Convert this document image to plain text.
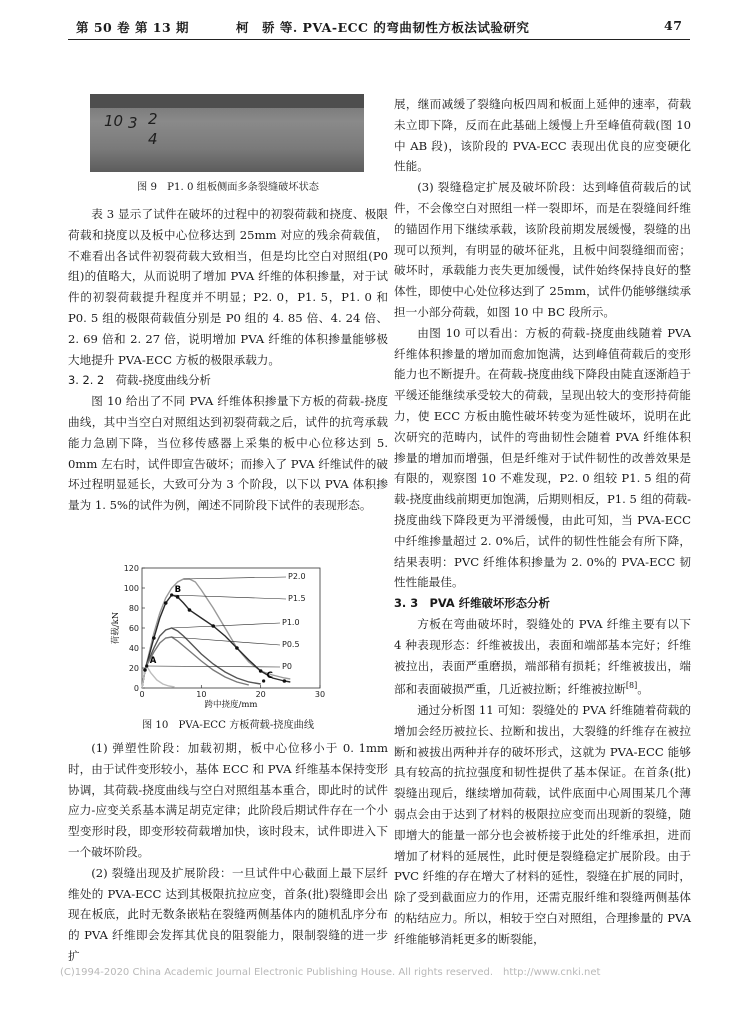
第 50 卷 第 13 期	柯　骄 等. PVA-ECC 的弯曲韧性方板法试验研究	47
10 3 2
4
图 9　P1. 0 组板侧面多条裂缝破坏状态

表 3 显示了试件在破坏的过程中的初裂荷载和挠度、极限荷载和挠度以及板中心位移达到 25mm 对应的残余荷载值，不难看出各试件初裂荷载大致相当，但是均比空白对照组(P0 组)的值略大，从而说明了增加 PVA 纤维的体积掺量，对于试件的初裂荷载提升程度并不明显；P2. 0，P1. 5，P1. 0 和 P0. 5 组的极限荷载值分别是 P0 组的 4. 85 倍、4. 24 倍、2. 69 倍和 2. 27 倍，说明增加 PVA 纤维的体积掺量能够极大地提升 PVA-ECC 方板的极限承载力。

3. 2. 2　荷载-挠度曲线分析

图 10 给出了不同 PVA 纤维体积掺量下方板的荷载-挠度曲线，其中当空白对照组达到初裂荷载之后，试件的抗弯承载能力急剧下降，当位移传感器上采集的板中心位移达到 5. 0mm 左右时，试件即宣告破坏；而掺入了 PVA 纤维试件的破坏过程明显延长，大致可分为 3 个阶段，以下以 PVA 体积掺量为 1. 5%的试件为例，阐述不同阶段下试件的表现形态。

0
20
40
60
80
100
120
0	10	20	30
跨中挠度/mm
荷载/kN
P2.0
P1.5
P1.0
P0.5
P0
A
B
C
图 10　PVA-ECC 方板荷载-挠度曲线

(1) 弹塑性阶段：加载初期，板中心位移小于 0. 1mm 时，由于试件变形较小，基体 ECC 和 PVA 纤维基本保持变形协调，其荷载-挠度曲线与空白对照组基本重合，即此时的试件应力-应变关系基本满足胡克定律；此阶段后期试件存在一个小型变形时段，即变形较荷载增加快，该时段末，试件即进入下一个破坏阶段。

(2) 裂缝出现及扩展阶段：一旦试件中心截面上最下层纤维处的 PVA-ECC 达到其极限抗拉应变，首条(批)裂缝即会出现在板底，此时无数条嵌粘在裂缝两侧基体内的随机乱序分布的 PVA 纤维即会发挥其优良的阻裂能力，限制裂缝的进一步扩

展，继而减缓了裂缝向板四周和板面上延伸的速率，荷载未立即下降，反而在此基础上缓慢上升至峰值荷载(图 10 中 AB 段)，该阶段的 PVA-ECC 表现出优良的应变硬化性能。

(3) 裂缝稳定扩展及破坏阶段：达到峰值荷载后的试件，不会像空白对照组一样一裂即坏，而是在裂缝间纤维的锚固作用下继续承载，该阶段前期发展缓慢，裂缝的出现可以预判，有明显的破坏征兆，且板中间裂缝细而密；破坏时，承载能力丧失更加缓慢，试件始终保持良好的整体性，即使中心处位移达到了 25mm，试件仍能够继续承担一小部分荷载，如图 10 中 BC 段所示。

由图 10 可以看出：方板的荷载-挠度曲线随着 PVA 纤维体积掺量的增加而愈加饱满，达到峰值荷载后的变形能力也不断提升。在荷载-挠度曲线下降段由陡直逐渐趋于平缓还能继续承受较大的荷载，呈现出较大的变形持荷能力，使 ECC 方板由脆性破坏转变为延性破坏，说明在此次研究的范畴内，试件的弯曲韧性会随着 PVA 纤维体积掺量的增加而增强，但是纤维对于试件韧性的改善效果是有限的，观察图 10 不难发现，P2. 0 组较 P1. 5 组的荷载-挠度曲线前期更加饱满，后期则相反，P1. 5 组的荷载-挠度曲线下降段更为平滑缓慢，由此可知，当 PVA-ECC 中纤维掺量超过 2. 0%后，试件的韧性性能会有所下降，结果表明：PVC 纤维体积掺量为 2. 0%的 PVA-ECC 韧性性能最佳。

3. 3　PVA 纤维破坏形态分析

方板在弯曲破坏时，裂缝处的 PVA 纤维主要有以下 4 种表现形态：纤维被拔出，表面和端部基本完好；纤维被拉出，表面严重磨损，端部稍有损耗；纤维被拔出，端部和表面破损严重，几近被拉断；纤维被拉断[8]。

通过分析图 11 可知：裂缝处的 PVA 纤维随着荷载的增加会经历被拉长、拉断和拔出，大裂缝的纤维存在被拉断和被拔出两种并存的破坏形式，这就为 PVA-ECC 能够具有较高的抗拉强度和韧性提供了基本保证。在首条(批)裂缝出现后，继续增加荷载，试件底面中心周围某几个薄弱点会由于达到了材料的极限拉应变而出现新的裂缝，随即增大的能量一部分也会被桥接于此处的纤维承担，进而增加了材料的延展性，此时便是裂缝稳定扩展阶段。由于 PVC 纤维的存在增大了材料的延性，裂缝在扩展的同时，除了受到截面应力的作用，还需克服纤维和裂缝两侧基体的粘结应力。所以，相较于空白对照组，合理掺量的 PVA 纤维能够消耗更多的断裂能，

(C)1994-2020 China Academic Journal Electronic Publishing House. All rights reserved.　http://www.cnki.net
